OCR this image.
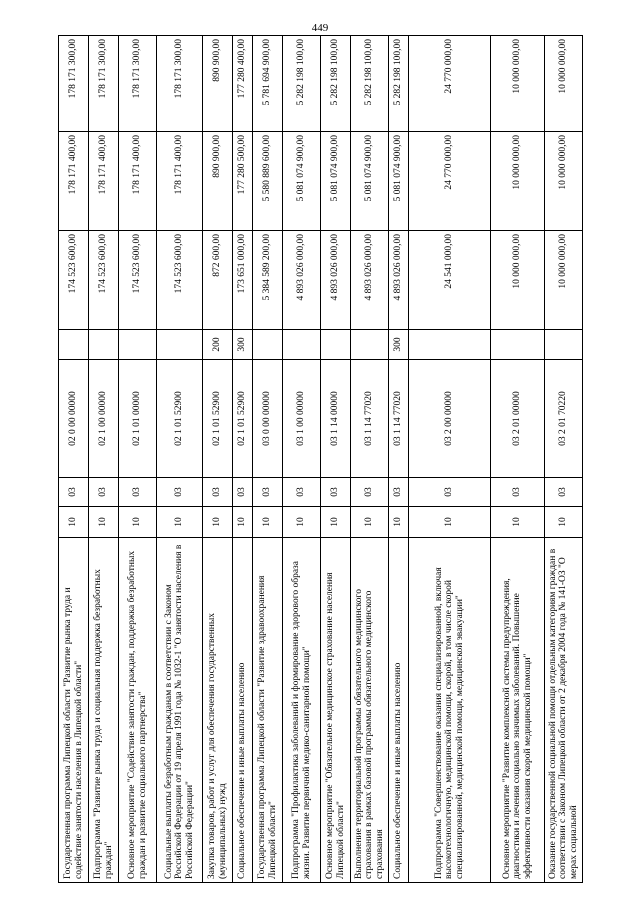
449
Государственная программа Липецкой области "Развитие рынка труда и содействие занятости населения в Липецкой области"	10	03	02 0 00 00000		174 523 600,00	178 171 400,00	178 171 300,00
Подпрограмма "Развитие рынка труда и социальная поддержка безработных граждан"	10	03	02 1 00 00000		174 523 600,00	178 171 400,00	178 171 300,00
Основное мероприятие "Содействие занятости граждан, поддержка безработных граждан и развитие социального партнерства"	10	03	02 1 01 00000		174 523 600,00	178 171 400,00	178 171 300,00
Социальные выплаты безработным гражданам в соответствии с Законом Российской Федерации от 19 апреля 1991 года № 1032-1 "О занятости населения в Российской Федерации"	10	03	02 1 01 52900		174 523 600,00	178 171 400,00	178 171 300,00
Закупка товаров, работ и услуг для обеспечения государственных (муниципальных) нужд	10	03	02 1 01 52900	200	872 600,00	890 900,00	890 900,00
Социальное обеспечение и иные выплаты населению	10	03	02 1 01 52900	300	173 651 000,00	177 280 500,00	177 280 400,00
Государственная программа Липецкой области "Развитие здравоохранения Липецкой области"	10	03	03 0 00 00000		5 384 589 200,00	5 580 889 600,00	5 781 694 900,00
Подпрограмма "Профилактика заболеваний и формирование здорового образа жизни. Развитие первичной медико-санитарной помощи"	10	03	03 1 00 00000		4 893 026 000,00	5 081 074 900,00	5 282 198 100,00
Основное мероприятие "Обязательное медицинское страхование населения Липецкой области"	10	03	03 1 14 00000		4 893 026 000,00	5 081 074 900,00	5 282 198 100,00
Выполнение территориальной программы обязательного медицинского страхования в рамках базовой программы обязательного медицинского страхования	10	03	03 1 14 77020		4 893 026 000,00	5 081 074 900,00	5 282 198 100,00
Социальное обеспечение и иные выплаты населению	10	03	03 1 14 77020	300	4 893 026 000,00	5 081 074 900,00	5 282 198 100,00
Подпрограмма "Совершенствование оказания специализированной, включая высокотехнологичную, медицинской помощи, скорой, в том числе скорой специализированной, медицинской помощи, медицинской эвакуации"	10	03	03 2 00 00000		24 541 000,00	24 770 000,00	24 770 000,00
Основное мероприятие "Развитие комплексной системы предупреждения, диагностики и лечения социально значимых заболеваний. Повышение эффективности оказания скорой медицинской помощи"	10	03	03 2 01 00000		10 000 000,00	10 000 000,00	10 000 000,00
Оказание государственной социальной помощи отдельным категориям граждан в соответствии с Законом Липецкой области от 2 декабря 2004 года № 141-ОЗ "О мерах социальной	10	03	03 2 01 70220		10 000 000,00	10 000 000,00	10 000 000,00
